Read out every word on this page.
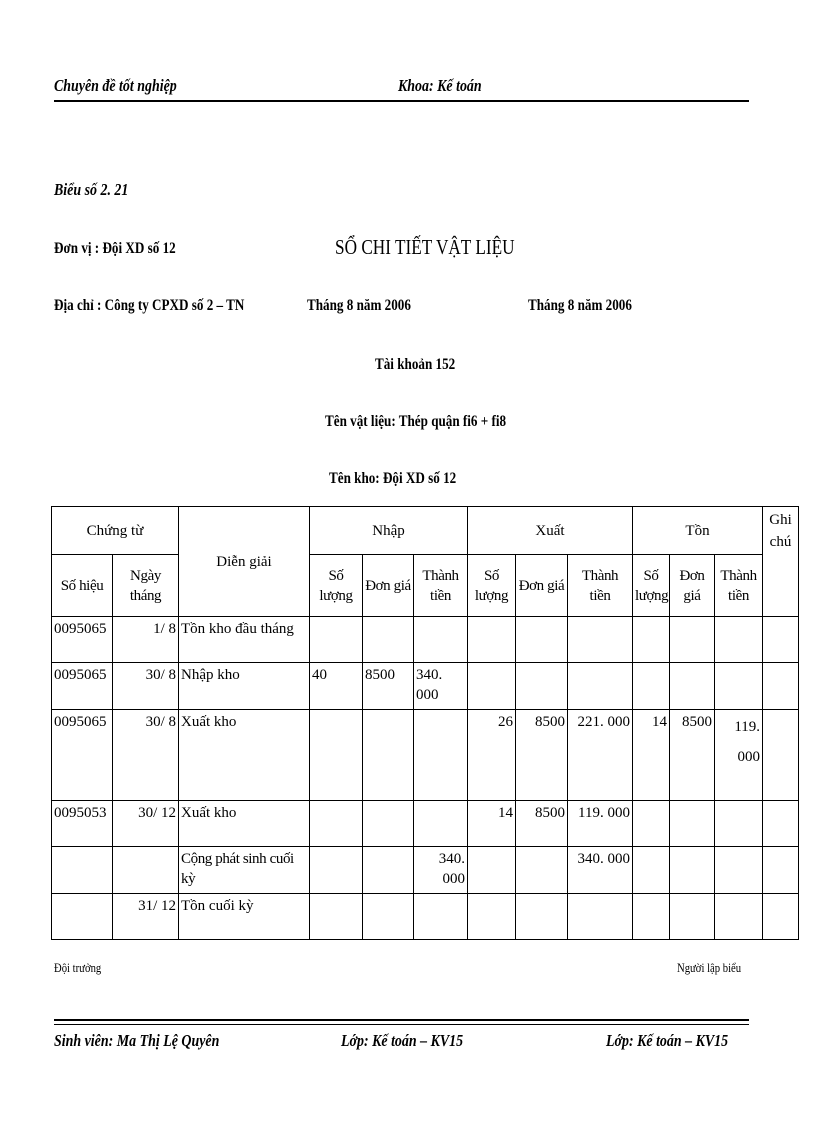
Chuyên đề tốt nghiệp	Khoa: Kế toán
Biểu số 2. 21
Đơn vị : Đội XD số 12	SỔ CHI TIẾT VẬT LIỆU
Địa chỉ : Công ty CPXD số 2 – TN	Tháng 8 năm 2006	Tháng 8 năm 2006
Tài khoản 152
Tên vật liệu: Thép quận fi6 + fi8
Tên kho: Đội XD số 12
Chứng từ		Diễn giải	Nhập			Xuất			Tồn			Ghi chú
Số hiệu	Ngày tháng		Số lượng	Đơn giá	Thành tiền	Số lượng	Đơn giá	Thành tiền	Số lượng	Đơn giá	Thành tiền	
0095065	1/ 8	Tồn kho đầu tháng										
0095065	30/ 8	Nhập kho	40	8500	340. 000							
0095065	30/ 8	Xuất kho				26	8500	221. 000	14	8500	119. 000	
0095053	30/ 12	Xuất kho				14	8500	119. 000				
		Cộng phát sinh cuối kỳ			340. 000			340. 000				
	31/ 12	Tồn cuối kỳ										
Đội trưởng	Người lập biểu
Sinh viên: Ma Thị Lệ Quyên	Lớp: Kế toán – KV15	Lớp: Kế toán – KV15
